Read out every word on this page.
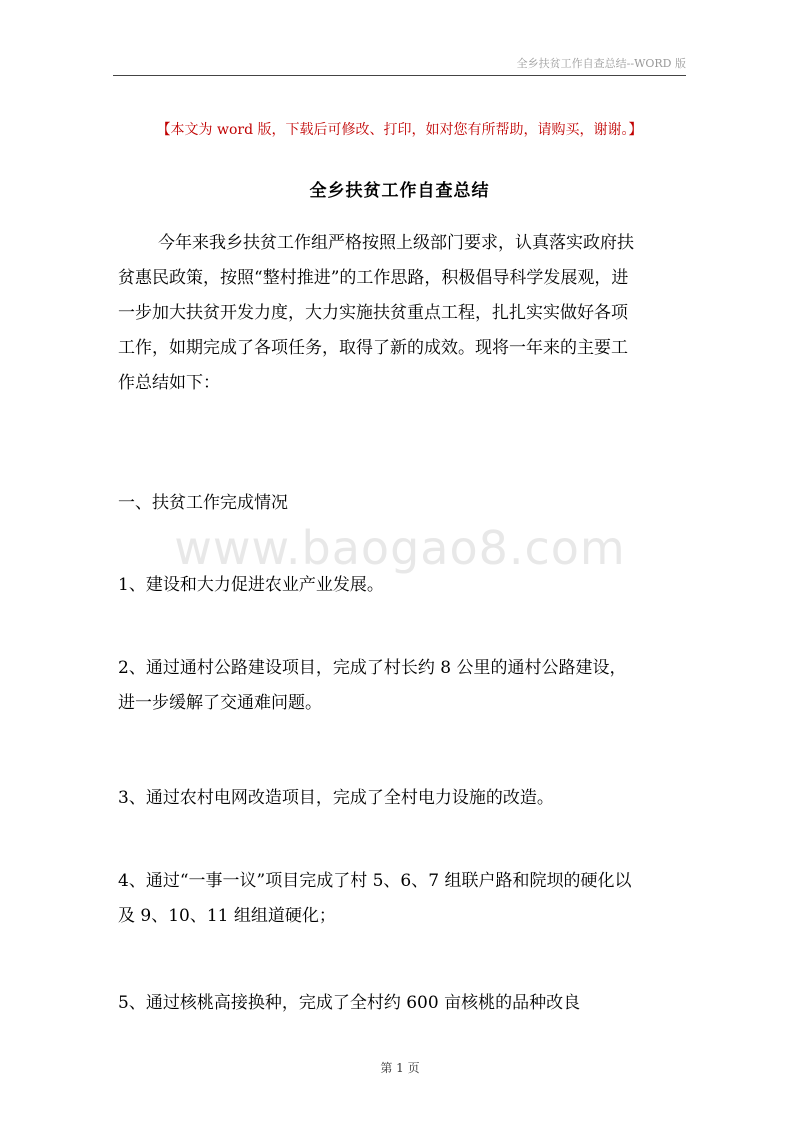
全乡扶贫工作自查总结--WORD 版
【本文为 word 版，下载后可修改、打印，如对您有所帮助，请购买，谢谢。】
全乡扶贫工作自查总结

今年来我乡扶贫工作组严格按照上级部门要求，认真落实政府扶
贫惠民政策，按照“整村推进”的工作思路，积极倡导科学发展观，进
一步加大扶贫开发力度，大力实施扶贫重点工程，扎扎实实做好各项
工作，如期完成了各项任务，取得了新的成效。现将一年来的主要工
作总结如下：

一、扶贫工作完成情况

www.baogao8.com

1、建设和大力促进农业产业发展。

2、通过通村公路建设项目，完成了村长约 8 公里的通村公路建设，
进一步缓解了交通难问题。

3、通过农村电网改造项目，完成了全村电力设施的改造。

4、通过“一事一议”项目完成了村 5、6、7 组联户路和院坝的硬化以
及 9、10、11 组组道硬化；

5、通过核桃高接换种，完成了全村约 600 亩核桃的品种改良

第 1 页
